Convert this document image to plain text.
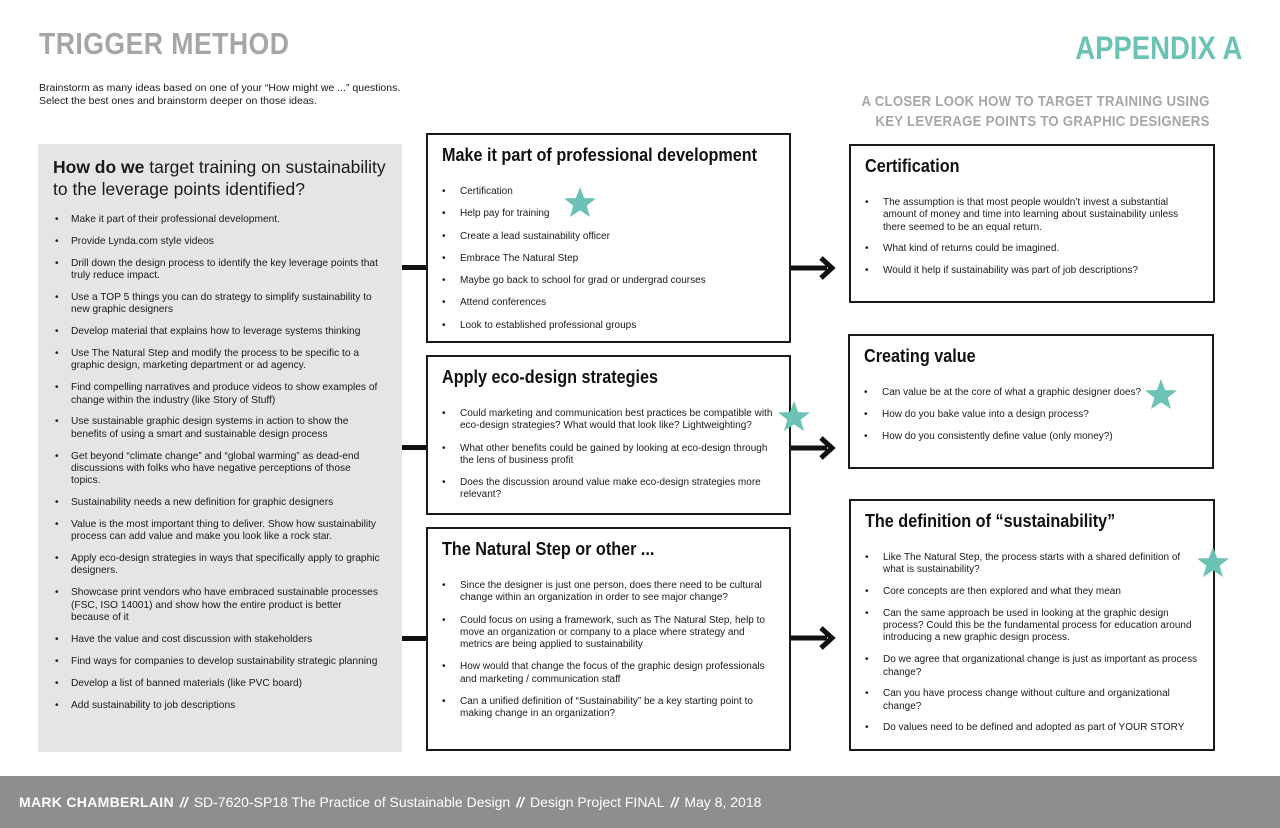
TRIGGER METHOD	APPENDIX A
Brainstorm as many ideas based on one of your “How might we ...” questions.
Select the best ones and brainstorm deeper on those ideas.	A CLOSER LOOK HOW TO TARGET TRAINING USING
KEY LEVERAGE POINTS TO GRAPHIC DESIGNERS
How do we target training on sustainability to the leverage points identified?
• Make it part of their professional development.
• Provide Lynda.com style videos
• Drill down the design process to identify the key leverage points that truly reduce impact.
• Use a TOP 5 things you can do strategy to simplify sustainability to new graphic designers
• Develop material that explains how to leverage systems thinking
• Use The Natural Step and modify the process to be specific to a graphic design, marketing department or ad agency.
• Find compelling narratives and produce videos to show examples of change within the industry (like Story of Stuff)
• Use sustainable graphic design systems in action to show the benefits of using a smart and sustainable design process
• Get beyond “climate change” and “global warming” as dead-end discussions with folks who have negative perceptions of those topics.
• Sustainability needs a new definition for graphic designers
• Value is the most important thing to deliver. Show how sustainability process can add value and make you look like a rock star.
• Apply eco-design strategies in ways that specifically apply to graphic designers.
• Showcase print vendors who have embraced sustainable processes (FSC, ISO 14001) and show how the entire product is better because of it
• Have the value and cost discussion with stakeholders
• Find ways for companies to develop sustainability strategic planning
• Develop a list of banned materials (like PVC board)
• Add sustainability to job descriptions
Make it part of professional development
• Certification
• Help pay for training
• Create a lead sustainability officer
• Embrace The Natural Step
• Maybe go back to school for grad or undergrad courses
• Attend conferences
• Look to established professional groups
Apply eco-design strategies
• Could marketing and communication best practices be compatible with eco-design strategies? What would that look like? Lightweighting?
• What other benefits could be gained by looking at eco-design through the lens of business profit
• Does the discussion around value make eco-design strategies more relevant?
The Natural Step or other ...
• Since the designer is just one person, does there need to be cultural change within an organization in order to see major change?
• Could focus on using a framework, such as The Natural Step, help to move an organization or company to a place where strategy and metrics are being applied to sustainability
• How would that change the focus of the graphic design professionals and marketing / communication staff
• Can a unified definition of “Sustainability” be a key starting point to making change in an organization?
Certification
• The assumption is that most people wouldn’t invest a substantial amount of money and time into learning about sustainability unless there seemed to be an equal return.
• What kind of returns could be imagined.
• Would it help if sustainability was part of job descriptions?
Creating value
• Can value be at the core of what a graphic designer does?
• How do you bake value into a design process?
• How do you consistently define value (only money?)
The definition of “sustainability”
• Like The Natural Step, the process starts with a shared definition of what is sustainability?
• Core concepts are then explored and what they mean
• Can the same approach be used in looking at the graphic design process? Could this be the fundamental process for education around introducing a new graphic design process.
• Do we agree that organizational change is just as important as process change?
• Can you have process change without culture and organizational change?
• Do values need to be defined and adopted as part of YOUR STORY
MARK CHAMBERLAIN // SD-7620-SP18 The Practice of Sustainable Design // Design Project FINAL // May 8, 2018
